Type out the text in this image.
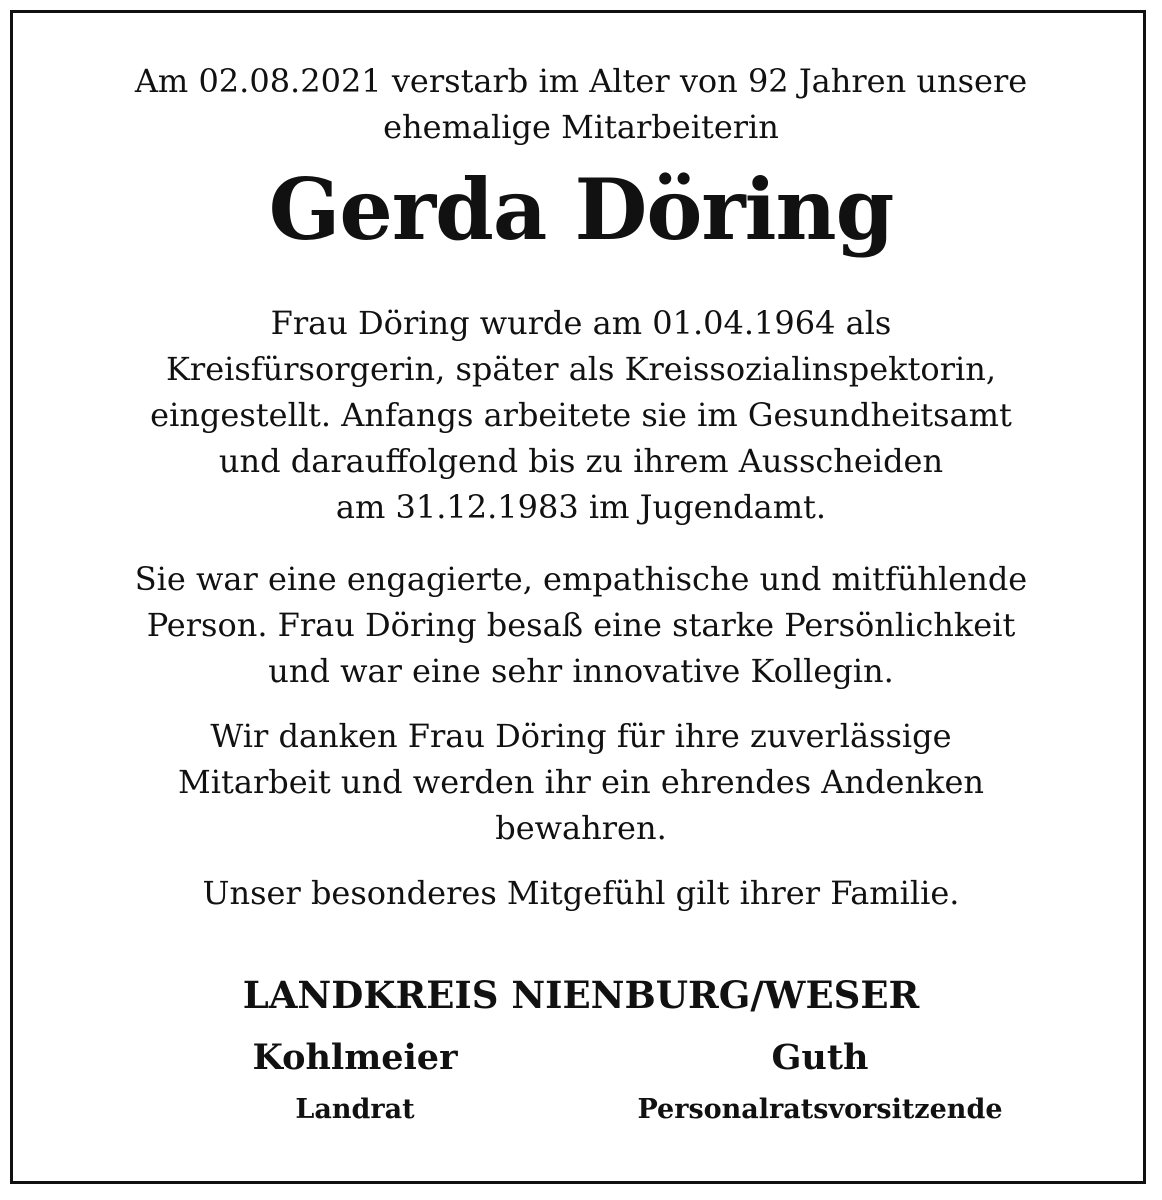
Am 02.08.2021 verstarb im Alter von 92 Jahren unsere
ehemalige Mitarbeiterin

Gerda Döring

Frau Döring wurde am 01.04.1964 als
Kreisfürsorgerin, später als Kreissozialinspektorin,
eingestellt. Anfangs arbeitete sie im Gesundheitsamt
und darauffolgend bis zu ihrem Ausscheiden
am 31.12.1983 im Jugendamt.

Sie war eine engagierte, empathische und mitfühlende
Person. Frau Döring besaß eine starke Persönlichkeit
und war eine sehr innovative Kollegin.

Wir danken Frau Döring für ihre zuverlässige
Mitarbeit und werden ihr ein ehrendes Andenken
bewahren.

Unser besonderes Mitgefühl gilt ihrer Familie.

LANDKREIS NIENBURG/WESER
Kohlmeier
Landrat
Guth
Personalratsvorsitzende
